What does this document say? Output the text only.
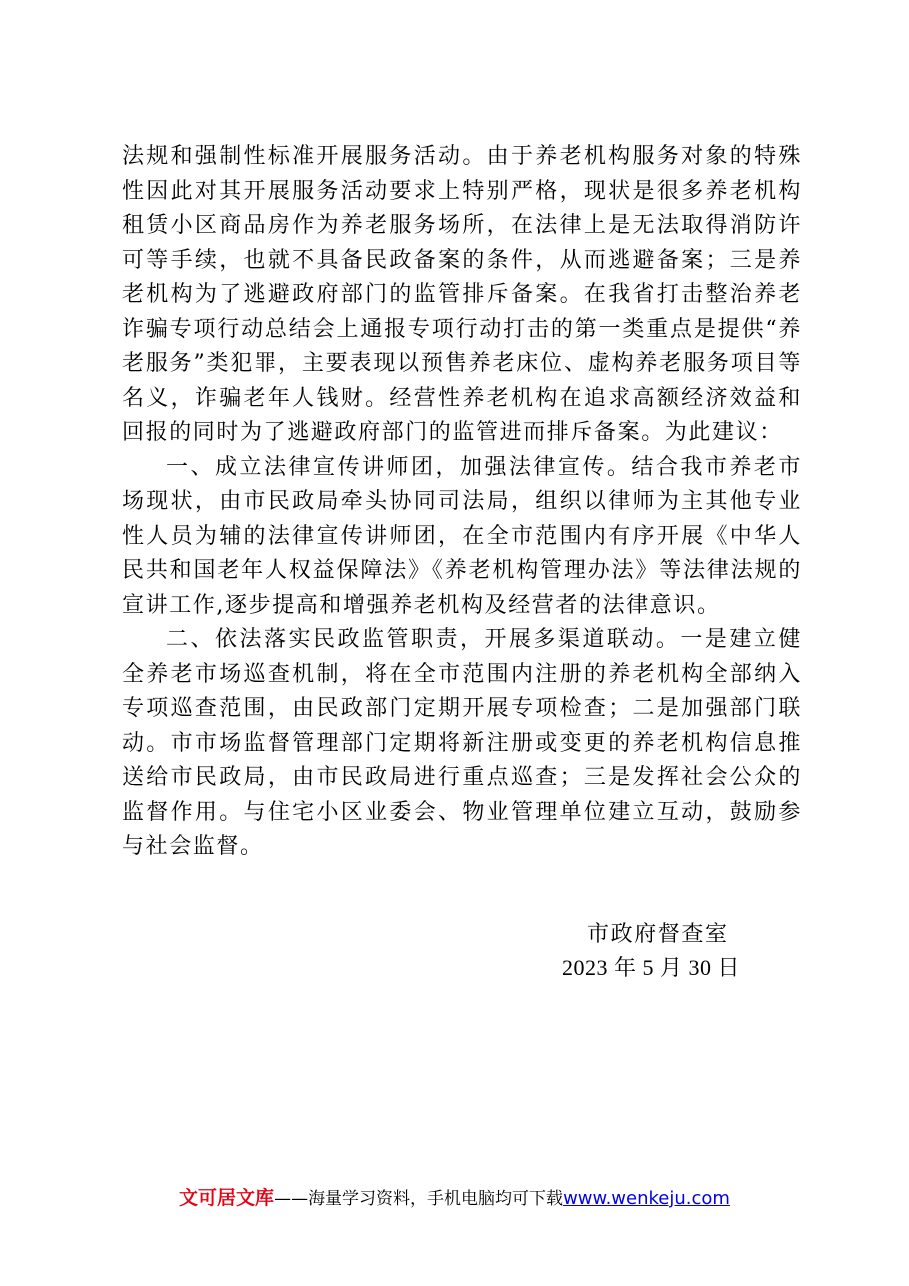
法规和强制性标准开展服务活动。由于养老机构服务对象的特殊性因此对其开展服务活动要求上特别严格，现状是很多养老机构租赁小区商品房作为养老服务场所，在法律上是无法取得消防许可等手续，也就不具备民政备案的条件，从而逃避备案；三是养老机构为了逃避政府部门的监管排斥备案。在我省打击整治养老诈骗专项行动总结会上通报专项行动打击的第一类重点是提供“养老服务”类犯罪，主要表现以预售养老床位、虚构养老服务项目等名义，诈骗老年人钱财。经营性养老机构在追求高额经济效益和回报的同时为了逃避政府部门的监管进而排斥备案。为此建议：

一、成立法律宣传讲师团，加强法律宣传。结合我市养老市场现状，由市民政局牵头协同司法局，组织以律师为主其他专业性人员为辅的法律宣传讲师团，在全市范围内有序开展《中华人民共和国老年人权益保障法》《养老机构管理办法》等法律法规的宣讲工作,逐步提高和增强养老机构及经营者的法律意识。

二、依法落实民政监管职责，开展多渠道联动。一是建立健全养老市场巡查机制，将在全市范围内注册的养老机构全部纳入专项巡查范围，由民政部门定期开展专项检查；二是加强部门联动。市市场监督管理部门定期将新注册或变更的养老机构信息推送给市民政局，由市民政局进行重点巡查；三是发挥社会公众的监督作用。与住宅小区业委会、物业管理单位建立互动，鼓励参与社会监督。

市政府督查室
2023 年 5 月 30 日
文可居文库——海量学习资料，手机电脑均可下载www.wenkeju.com
